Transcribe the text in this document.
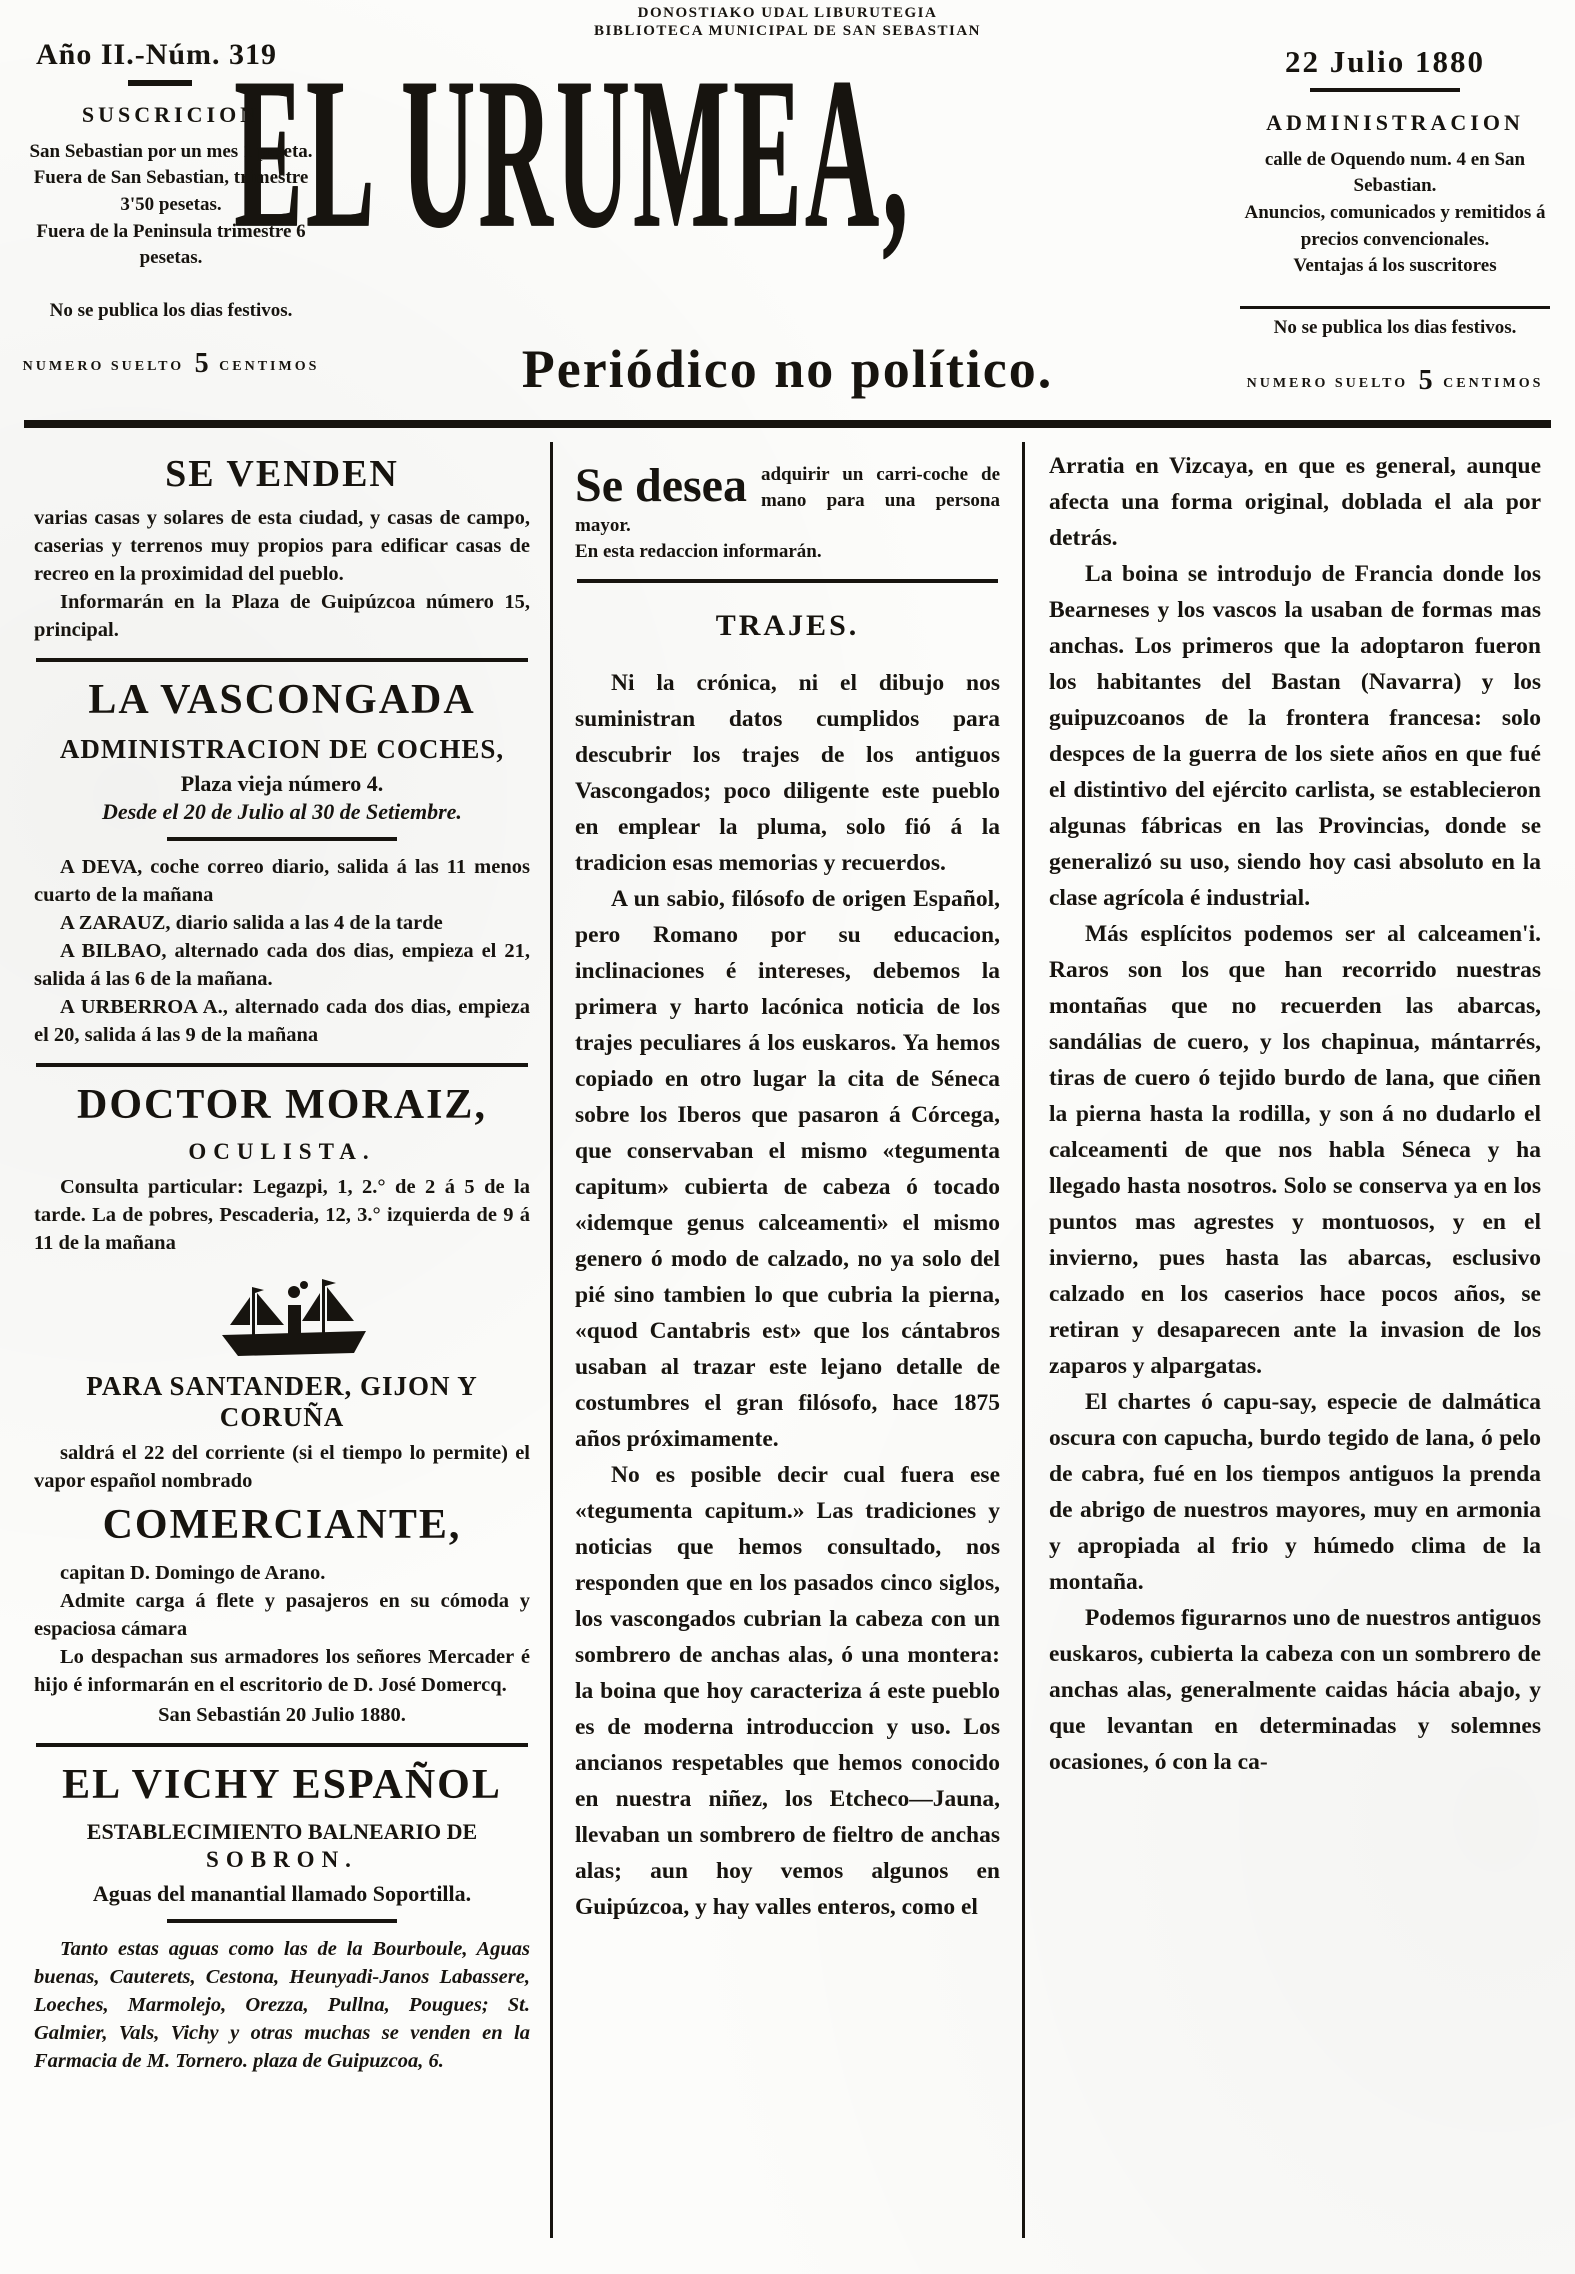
DONOSTIAKO UDAL LIBURUTEGIA
BIBLIOTECA MUNICIPAL DE SAN SEBASTIAN
Año II.-Núm. 319
EL URUMEA,	22 Julio 1880
SUSCRICION

San Sebastian por un mes 1 peseta.

Fuera de San Sebastian, trimestre 3'50 pesetas.

Fuera de la Peninsula trimestre 6 pesetas.

No se publica los dias festivos.
NUMERO SUELTO 5 CENTIMOS
ADMINISTRACION

calle de Oquendo num. 4 en San Sebastian.

Anuncios, comunicados y remitidos á precios convencionales.

Ventajas á los suscritores

No se publica los dias festivos.
NUMERO SUELTO 5 CENTIMOS
Periódico no político.
SE VENDEN

varias casas y solares de esta ciudad, y casas de campo, caserias y terrenos muy propios para edificar casas de recreo en la proximidad del pueblo.

Informarán en la Plaza de Guipúzcoa número 15, principal.

LA VASCONGADA
ADMINISTRACION DE COCHES,
Plaza vieja número 4.
Desde el 20 de Julio al 30 de Setiembre.

A DEVA, coche correo diario, salida á las 11 menos cuarto de la mañana

A ZARAUZ, diario salida a las 4 de la tarde

A BILBAO, alternado cada dos dias, empieza el 21, salida á las 6 de la mañana.

A URBERROA A., alternado cada dos dias, empieza el 20, salida á las 9 de la mañana

DOCTOR MORAIZ,
OCULISTA.

Consulta particular: Legazpi, 1, 2.° de 2 á 5 de la tarde. La de pobres, Pescaderia, 12, 3.° izquierda de 9 á 11 de la mañana

PARA SANTANDER, GIJON Y CORUÑA

saldrá el 22 del corriente (si el tiempo lo permite) el vapor español nombrado

COMERCIANTE,

capitan D. Domingo de Arano.

Admite carga á flete y pasajeros en su cómoda y espaciosa cámara

Lo despachan sus armadores los señores Mercader é hijo é informarán en el escritorio de D. José Domercq.

San Sebastián 20 Julio 1880.

EL VICHY ESPAÑOL
ESTABLECIMIENTO BALNEARIO DE
SOBRON.
Aguas del manantial llamado Soportilla.

Tanto estas aguas como las de la Bourboule, Aguas buenas, Cauterets, Cestona, Heunyadi-Janos Labassere, Loeches, Marmolejo, Orezza, Pullna, Pougues; St. Galmier, Vals, Vichy y otras muchas se venden en la Farmacia de M. Tornero. plaza de Guipuzcoa, 6.

Se desea adquirir un carri-coche de mano para una persona mayor.
En esta redaccion informarán.
TRAJES.

Ni la crónica, ni el dibujo nos suministran datos cumplidos para descubrir los trajes de los antiguos Vascongados; poco diligente este pueblo en emplear la pluma, solo fió á la tradicion esas memorias y recuerdos.

A un sabio, filósofo de origen Español, pero Romano por su educacion, inclinaciones é intereses, debemos la primera y harto lacónica noticia de los trajes peculiares á los euskaros. Ya hemos copiado en otro lugar la cita de Séneca sobre los Iberos que pasaron á Córcega, que conservaban el mismo «tegumenta capitum» cubierta de cabeza ó tocado «idemque genus calceamenti» el mismo genero ó modo de calzado, no ya solo del pié sino tambien lo que cubria la pierna, «quod Cantabris est» que los cántabros usaban al trazar este lejano detalle de costumbres el gran filósofo, hace 1875 años próximamente.

No es posible decir cual fuera ese «tegumenta capitum.» Las tradiciones y noticias que hemos consultado, nos responden que en los pasados cinco siglos, los vascongados cubrian la cabeza con un sombrero de anchas alas, ó una montera: la boina que hoy caracteriza á este pueblo es de moderna introduccion y uso. Los ancianos respetables que hemos conocido en nuestra niñez, los Etcheco—Jauna, llevaban un sombrero de fieltro de anchas alas; aun hoy vemos algunos en Guipúzcoa, y hay valles enteros, como el

Arratia en Vizcaya, en que es general, aunque afecta una forma original, doblada el ala por detrás.

La boina se introdujo de Francia donde los Bearneses y los vascos la usaban de formas mas anchas. Los primeros que la adoptaron fueron los habitantes del Bastan (Navarra) y los guipuzcoanos de la frontera francesa: solo despces de la guerra de los siete años en que fué el distintivo del ejército carlista, se establecieron algunas fábricas en las Provincias, donde se generalizó su uso, siendo hoy casi absoluto en la clase agrícola é industrial.

Más esplícitos podemos ser al calceamen'i. Raros son los que han recorrido nuestras montañas que no recuerden las abarcas, sandálias de cuero, y los chapinua, mántarrés, tiras de cuero ó tejido burdo de lana, que ciñen la pierna hasta la rodilla, y son á no dudarlo el calceamenti de que nos habla Séneca y ha llegado hasta nosotros. Solo se conserva ya en los puntos mas agrestes y montuosos, y en el invierno, pues hasta las abarcas, esclusivo calzado en los caserios hace pocos años, se retiran y desaparecen ante la invasion de los zaparos y alpargatas.

El chartes ó capu-say, especie de dalmática oscura con capucha, burdo tegido de lana, ó pelo de cabra, fué en los tiempos antiguos la prenda de abrigo de nuestros mayores, muy en armonia y apropiada al frio y húmedo clima de la montaña.

Podemos figurarnos uno de nuestros antiguos euskaros, cubierta la cabeza con un sombrero de anchas alas, generalmente caidas hácia abajo, y que levantan en determinadas y solemnes ocasiones, ó con la ca-
